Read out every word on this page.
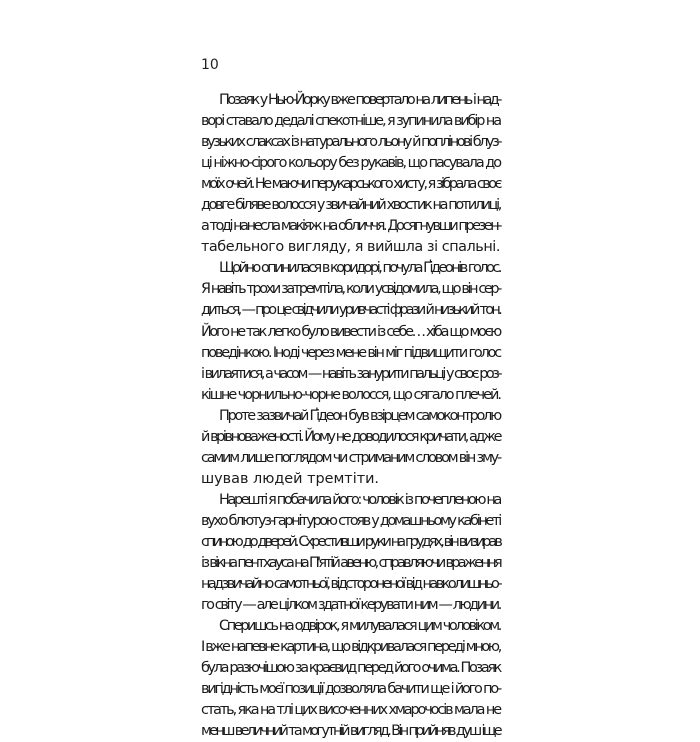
10

Позаяк у Нью-Йорку вже повертало на липень і над-
ворі ставало дедалі спекотніше, я зупинила вибір на
вузьких слаксах із натурального льону й поплінові блуз-
ці ніжно-сірого кольору без рукавів, що пасувала до
моїх очей. Не маючи перукарського хисту, я зібрала своє
довге біляве волосся у звичайний хвостик на потилиці,
а тоді нанесла макіяж на обличчя. Досягнувши презен-
табельного вигляду, я вийшла зі спальні.

Щойно опинилася в коридорі, почула Ґідеонів голос.
Я навіть трохи затремтіла, коли усвідомила, що він сер-
диться, — про це свідчили уривчасті фрази й низький тон.
Його не так легко було вивести із себе… хіба що моєю
поведінкою. Іноді через мене він міг підвищити голос
і вилаятися, а часом — навіть занурити пальці у своє роз-
кішне чорнильно-чорне волосся, що сягало плечей.

Проте зазвичай Ґідеон був взірцем самоконтролю
й врівноваженості. Йому не доводилося кричати, адже
самим лише поглядом чи стриманим словом він зму-
шував людей тремтіти.

Нарешті я побачила його: чоловік із почепленою на
вухо блютуз-гарнітурою стояв у домашньому кабінеті
спиною до дверей. Схрестивши руки на грудях, він визирав
із вікна пентхауса на П'ятій авеню, справляючи враження
надзвичайно самотньої, відстороненої від навколишньо-
го світу — але цілком здатної керувати ним — людини.

Сперишсь на одвірок, я милувалася цим чоловіком.
І вже напевне картина, що відкривалася переді мною,
була разючішою за краєвид перед його очима. Позаяк
вигідність моєї позиції дозволяла бачити ще і його по-
стать, яка на тлі цих височенних хмарочосів мала не
менш величний та могутній вигляд. Він прийняв душ іще
